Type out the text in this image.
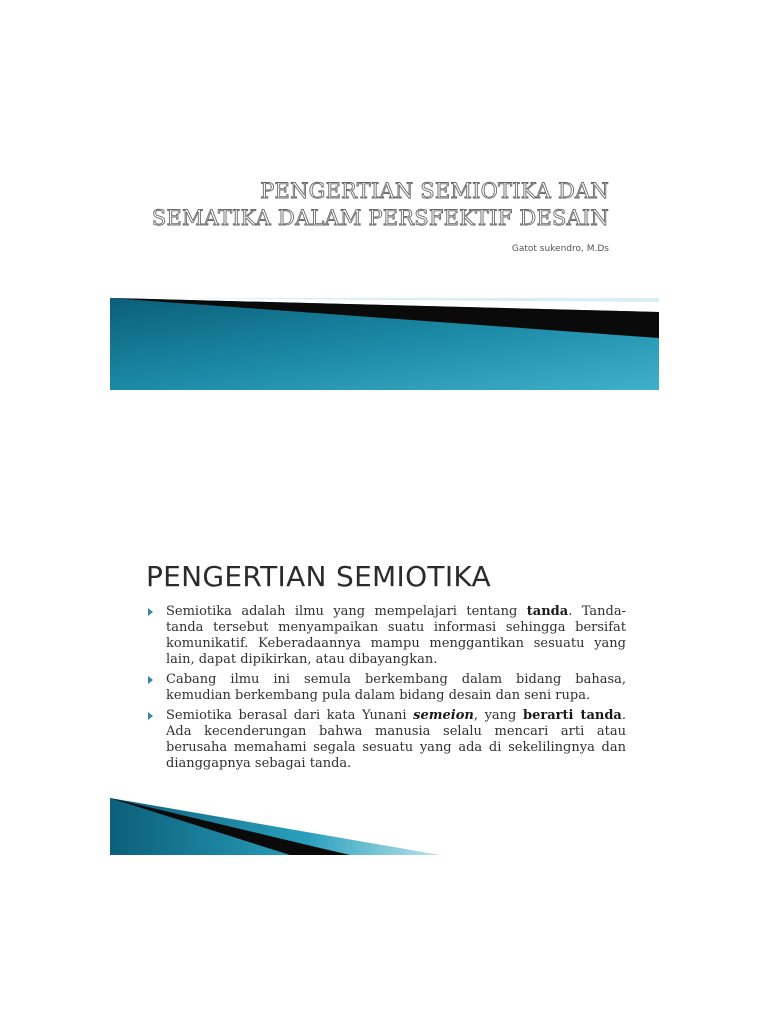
PENGERTIAN SEMIOTIKA DAN
SEMATIKA DALAM PERSFEKTIF DESAIN
Gatot sukendro, M.Ds
PENGERTIAN SEMIOTIKA
Semiotika adalah ilmu yang mempelajari tentang tanda. Tanda-tanda tersebut menyampaikan suatu informasi sehingga bersifat komunikatif. Keberadaannya mampu menggantikan sesuatu yang lain, dapat dipikirkan, atau dibayangkan.
Cabang ilmu ini semula berkembang dalam bidang bahasa, kemudian berkembang pula dalam bidang desain dan seni rupa.
Semiotika berasal dari kata Yunani semeion, yang berarti tanda. Ada kecenderungan bahwa manusia selalu mencari arti atau berusaha memahami segala sesuatu yang ada di sekelilingnya dan dianggapnya sebagai tanda.
